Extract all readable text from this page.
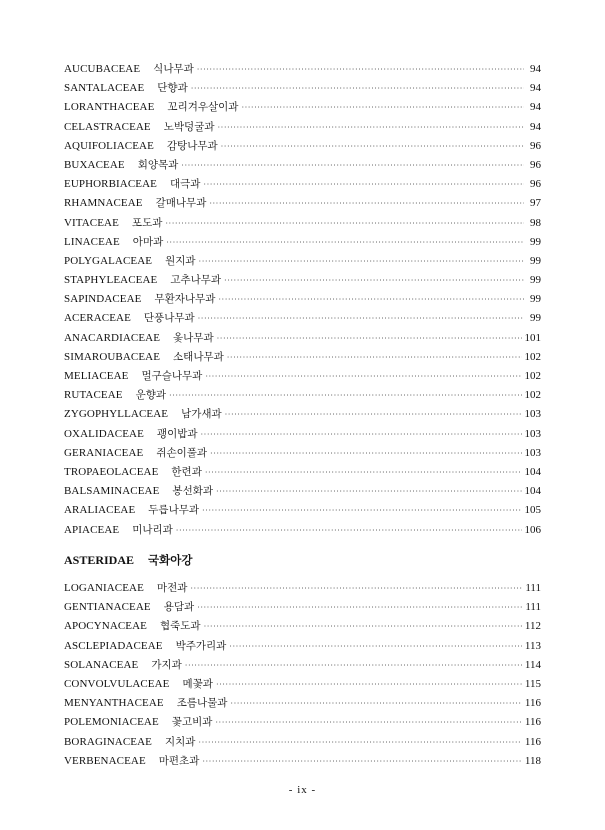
AUCUBACEAE 식나무과 ·····	94
SANTALACEAE 단향과 ·····	94
LORANTHACEAE 꼬리겨우살이과 ·····	94
CELASTRACEAE 노박덩굴과 ·····	94
AQUIFOLIACEAE 감탕나무과 ·····	96
BUXACEAE 회양목과 ·····	96
EUPHORBIACEAE 대극과 ·····	96
RHAMNACEAE 갈매나무과 ·····	97
VITACEAE 포도과 ·····	98
LINACEAE 아마과 ·····	99
POLYGALACEAE 원지과 ·····	99
STAPHYLEACEAE 고추나무과 ·····	99
SAPINDACEAE 무환자나무과 ·····	99
ACERACEAE 단풍나무과 ·····	99
ANACARDIACEAE 옻나무과 ·····	101
SIMAROUBACEAE 소태나무과 ·····	102
MELIACEAE 멀구슬나무과 ·····	102
RUTACEAE 운향과 ·····	102
ZYGOPHYLLACEAE 남가새과 ·····	103
OXALIDACEAE 괭이밥과 ·····	103
GERANIACEAE 쥐손이풀과 ·····	103
TROPAEOLACEAE 한련과 ·····	104
BALSAMINACEAE 봉선화과 ·····	104
ARALIACEAE 두릅나무과 ·····	105
APIACEAE 미나리과 ·····	106
ASTERIDAE 국화아강
LOGANIACEAE 마전과 ·····	111
GENTIANACEAE 용담과 ·····	111
APOCYNACEAE 협죽도과 ·····	112
ASCLEPIADACEAE 박주가리과 ·····	113
SOLANACEAE 가지과 ·····	114
CONVOLVULACEAE 메꽃과 ·····	115
MENYANTHACEAE 조름나물과 ·····	116
POLEMONIACEAE 꽃고비과 ·····	116
BORAGINACEAE 지치과 ·····	116
VERBENACEAE 마편초과 ·····	118
- ix -
